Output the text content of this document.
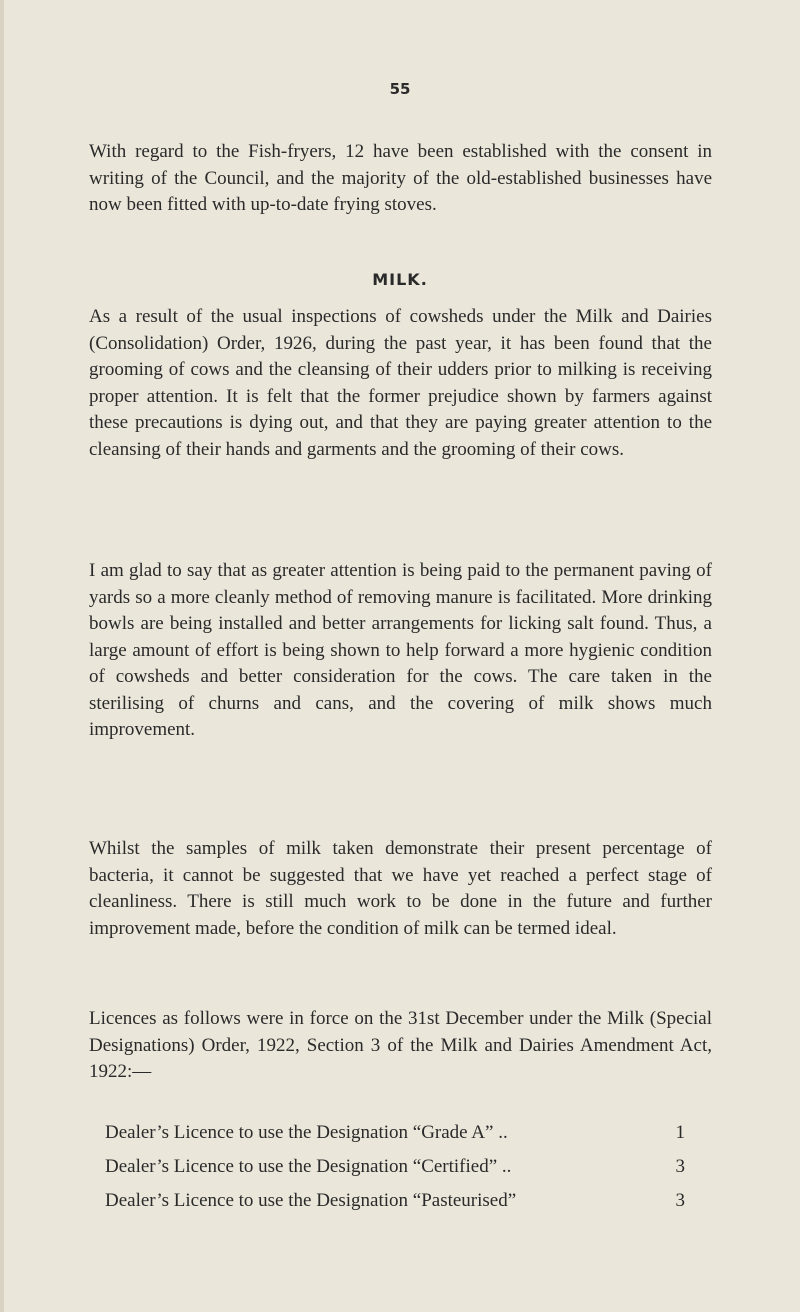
55

With regard to the Fish-fryers, 12 have been established with the consent in writing of the Council, and the majority of the old-established businesses have now been fitted with up-to-date frying stoves.

MILK.

As a result of the usual inspections of cowsheds under the Milk and Dairies (Consolidation) Order, 1926, during the past year, it has been found that the grooming of cows and the cleansing of their udders prior to milking is receiving proper attention. It is felt that the former prejudice shown by farmers against these precautions is dying out, and that they are paying greater attention to the cleansing of their hands and garments and the grooming of their cows.

I am glad to say that as greater attention is being paid to the permanent paving of yards so a more cleanly method of removing manure is facilitated. More drinking bowls are being installed and better arrangements for licking salt found. Thus, a large amount of effort is being shown to help forward a more hygienic condition of cowsheds and better consideration for the cows. The care taken in the sterilising of churns and cans, and the covering of milk shows much improvement.

Whilst the samples of milk taken demonstrate their present percentage of bacteria, it cannot be suggested that we have yet reached a perfect stage of cleanliness. There is still much work to be done in the future and further improvement made, before the condition of milk can be termed ideal.

Licences as follows were in force on the 31st December under the Milk (Special Designations) Order, 1922, Section 3 of the Milk and Dairies Amendment Act, 1922:—

Dealer’s Licence to use the Designation “Grade A” ..	1
Dealer’s Licence to use the Designation “Certified” ..	3
Dealer’s Licence to use the Designation “Pasteurised”	3
